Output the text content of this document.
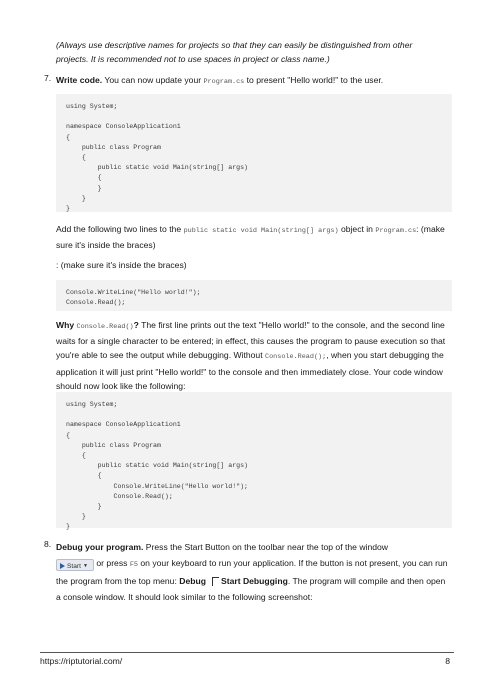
(Always use descriptive names for projects so that they can easily be distinguished from other projects. It is recommended not to use spaces in project or class name.)
7. Write code. You can now update your Program.cs to present "Hello world!" to the user.
using System;

namespace ConsoleApplication1
{
public class Program
{
public static void Main(string[] args)
{
}
}
}
Add the following two lines to the public static void Main(string[] args) object in Program.cs: (make sure it's inside the braces)
: (make sure it's inside the braces)
Console.WriteLine("Hello world!");
Console.Read();
Why Console.Read()? The first line prints out the text "Hello world!" to the console, and the second line waits for a single character to be entered; in effect, this causes the program to pause execution so that you're able to see the output while debugging. Without Console.Read();, when you start debugging the application it will just print "Hello world!" to the console and then immediately close. Your code window should now look like the following:
using System;

namespace ConsoleApplication1
{
public class Program
{
public static void Main(string[] args)
{
Console.WriteLine("Hello world!");
Console.Read();
}
}
}
8. Debug your program. Press the Start Button on the toolbar near the top of the window
Start ▼ or press F5 on your keyboard to run your application. If the button is not present, you can run the program from the top menu: Debug Start Debugging. The program will compile and then open a console window. It should look similar to the following screenshot:
https://riptutorial.com/	8
